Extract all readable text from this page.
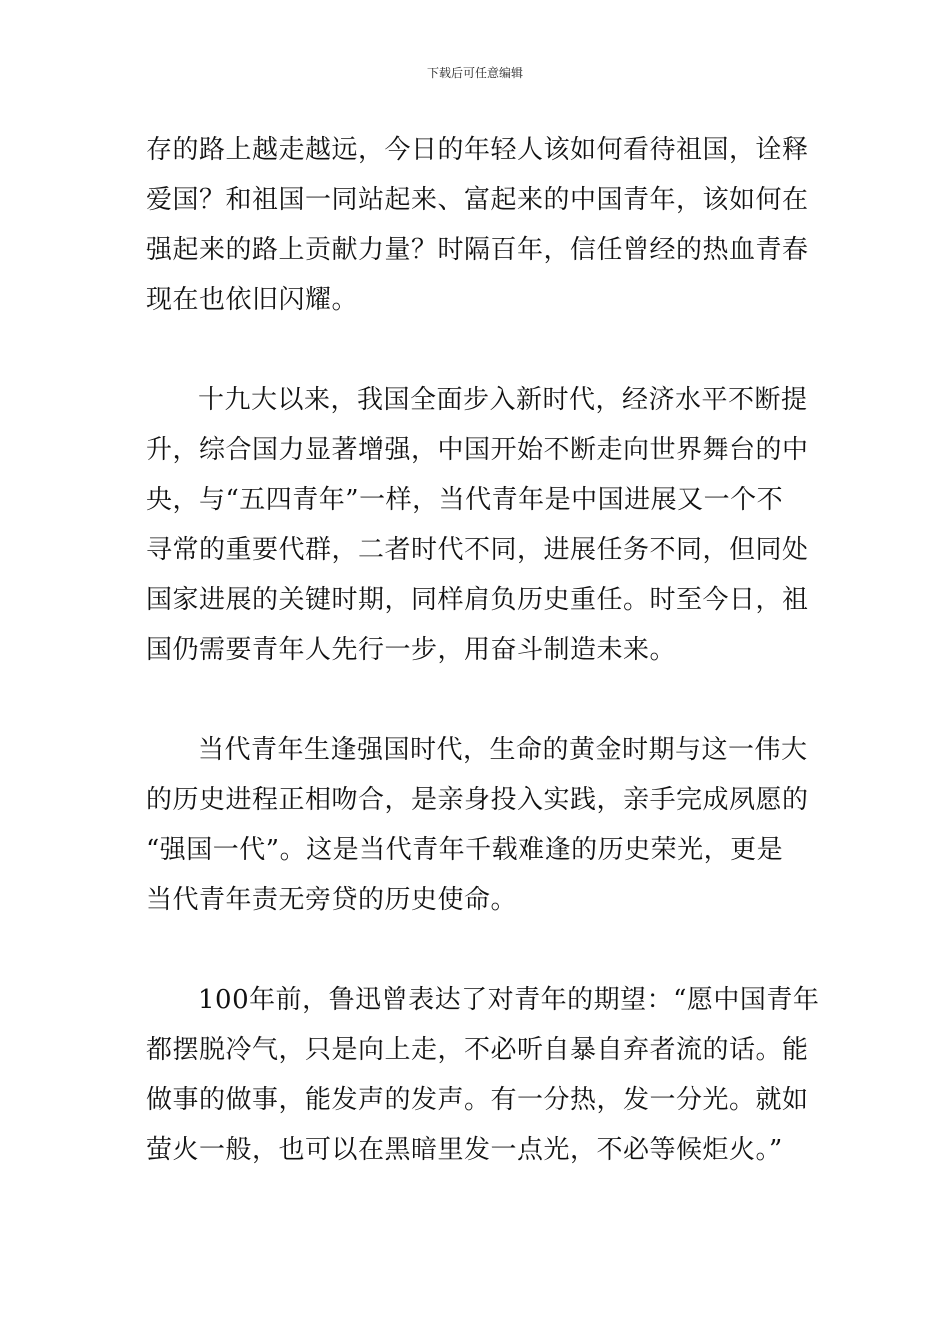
下载后可任意编辑
存的路上越走越远，今日的年轻人该如何看待祖国，诠释
爱国？和祖国一同站起来、富起来的中国青年，该如何在
强起来的路上贡献力量？时隔百年，信任曾经的热血青春
现在也依旧闪耀。
十九大以来，我国全面步入新时代，经济水平不断提
升，综合国力显著增强，中国开始不断走向世界舞台的中
央，与“五四青年”一样，当代青年是中国进展又一个不
寻常的重要代群，二者时代不同，进展任务不同，但同处
国家进展的关键时期，同样肩负历史重任。时至今日，祖
国仍需要青年人先行一步，用奋斗制造未来。
当代青年生逢强国时代，生命的黄金时期与这一伟大
的历史进程正相吻合，是亲身投入实践，亲手完成夙愿的
“强国一代”。这是当代青年千载难逢的历史荣光，更是
当代青年责无旁贷的历史使命。
100年前，鲁迅曾表达了对青年的期望：“愿中国青年
都摆脱冷气，只是向上走，不必听自暴自弃者流的话。能
做事的做事，能发声的发声。有一分热，发一分光。就如
萤火一般，也可以在黑暗里发一点光，不必等候炬火。”
